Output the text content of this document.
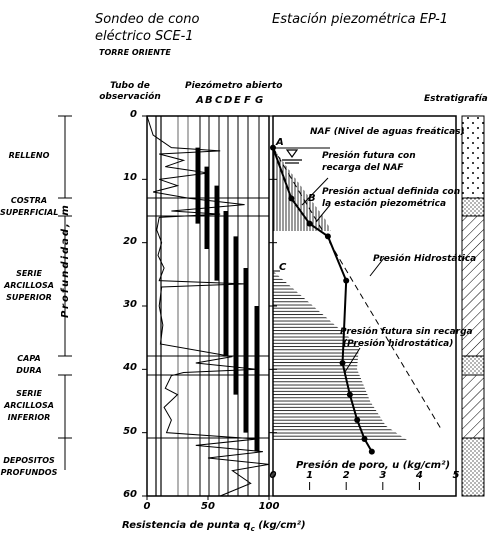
Sondeo de cono
eléctrico SCE-1
TORRE ORIENTE
Estación piezométrica EP-1
Tubo de
observación
Piezómetro abierto
Estratigrafía
A B C D E F G
RELLENO
COSTRA
SUPERFICIAL
SERIE
ARCILLOSA
SUPERIOR
CAPA
DURA
SERIE
ARCILLOSA
INFERIOR
DEPOSITOS
PROFUNDOS
Profundidad, m
0
10
20
30
40
50
60
0	50	100
0	1	2	3	4	5
Resistencia de punta $q_c$ (kg/cm²)
Presión de poro, u (kg/cm²)
A
B
C
NAF (Nivel de aguas freáticas)
Presión futura con
recarga del NAF
Presión actual definida con
la estación piezométrica
Presión Hidrostática
Presión futura sin recarga
(Presión hidrostática)
